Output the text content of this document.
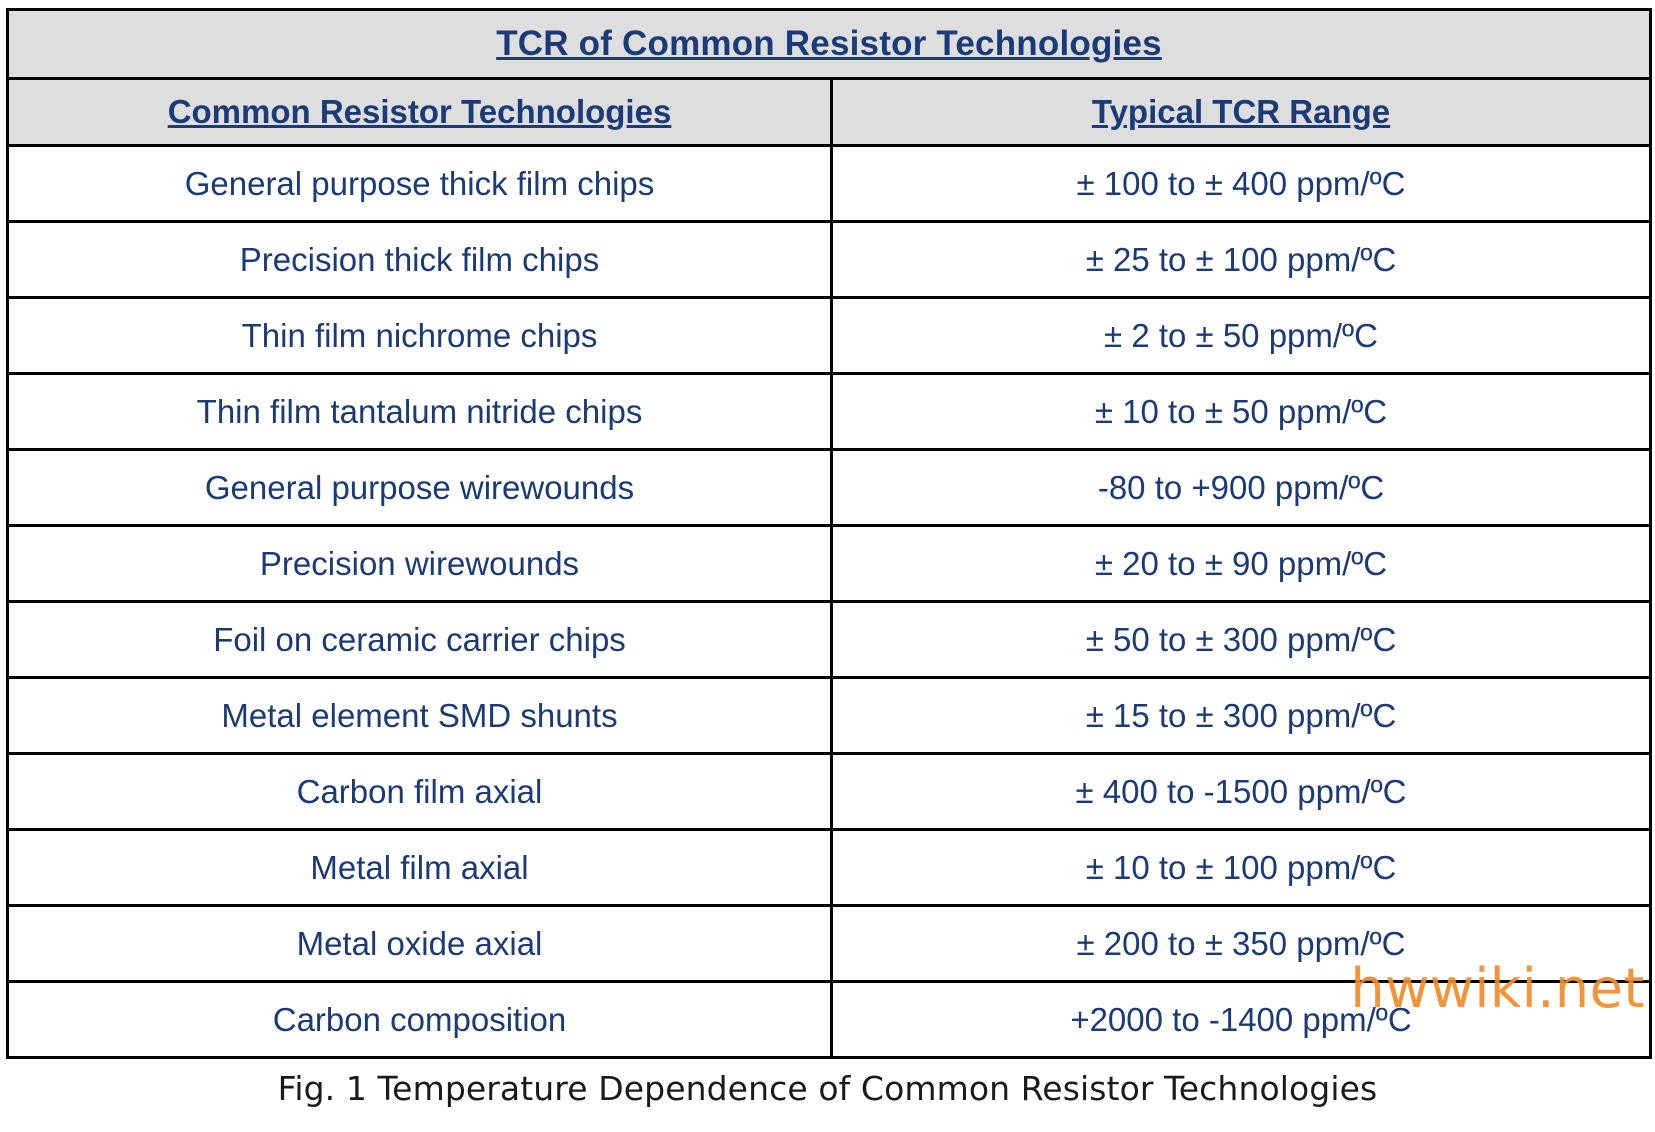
TCR of Common Resistor Technologies	
Common Resistor Technologies	Typical TCR Range
General purpose thick film chips	± 100 to ± 400 ppm/ºC
Precision thick film chips	± 25 to ± 100 ppm/ºC
Thin film nichrome chips	± 2 to ± 50 ppm/ºC
Thin film tantalum nitride chips	± 10 to ± 50 ppm/ºC
General purpose wirewounds	-80 to +900 ppm/ºC
Precision wirewounds	± 20 to ± 90 ppm/ºC
Foil on ceramic carrier chips	± 50 to ± 300 ppm/ºC
Metal element SMD shunts	± 15 to ± 300 ppm/ºC
Carbon film axial	± 400 to -1500 ppm/ºC
Metal film axial	± 10 to ± 100 ppm/ºC
Metal oxide axial	± 200 to ± 350 ppm/ºC
Carbon composition	+2000 to -1400 ppm/ºC
Fig. 1 Temperature Dependence of Common Resistor Technologies
hwwiki.net
